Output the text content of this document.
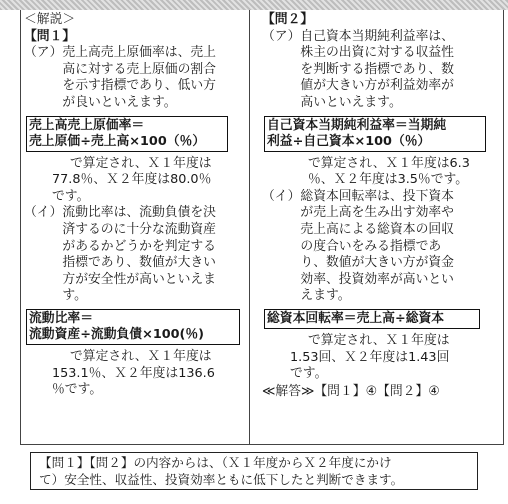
＜解説＞
【問１】
（ア） 売上高売上原価率は、売上
高に対する売上原価の割合
を示す指標であり、低い方
が良いといえます。
売上高売上原価率＝
売上原価÷売上高×100（％）
で算定され、Ｘ１年度は
77.8％、Ｘ２年度は80.0％
です。
（イ） 流動比率は、流動負債を決
済するのに十分な流動資産
があるかどうかを判定する
指標であり、数値が大きい
方が安全性が高いといえま
す。
流動比率＝
流動資産÷流動負債×100(％)
で算定され、Ｘ１年度は
153.1％、Ｘ２年度は136.6
％です。
【問２】
（ア） 自己資本当期純利益率は、
株主の出資に対する収益性
を判断する指標であり、数
値が大きい方が利益効率が
高いといえます。
自己資本当期純利益率＝当期純
利益÷自己資本×100（％）
で算定され、Ｘ１年度は6.3
％、Ｘ２年度は3.5％です。
（イ） 総資本回転率は、投下資本
が売上高を生み出す効率や
売上高による総資本の回収
の度合いをみる指標であ
り、数値が大きい方が資金
効率、投資効率が高いとい
えます。
総資本回転率＝売上高÷総資本
で算定され、Ｘ１年度は
1.53回、Ｘ２年度は1.43回
です。
≪解答≫【問１】④【問２】④
【問１】【問２】の内容からは、（Ｘ１年度からＸ２年度にかけ
て）安全性、収益性、投資効率ともに低下したと判断できます。
